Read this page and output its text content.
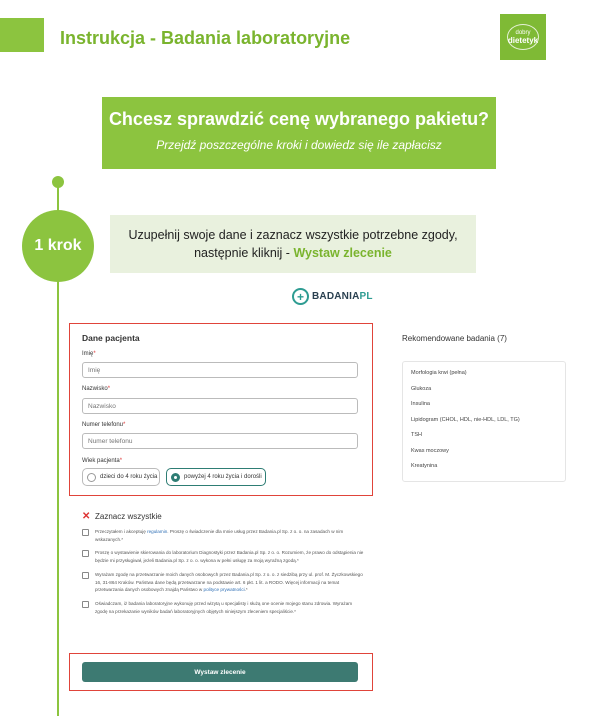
Instrukcja - Badania laboratoryjne	dobry
dietetyk
Chcesz sprawdzić cenę wybranego pakietu?

Przejdź poszczególne kroki i dowiedz się ile zapłacisz

1 krok
Uzupełnij swoje dane i zaznacz wszystkie potrzebne zgody,
następnie kliknij - Wystaw zlecenie
+ BADANIAPL
Dane pacjenta
Imię*
Imię
Nazwisko*
Nazwisko
Numer telefonu*
Numer telefonu
Wiek pacjenta*
dzieci do 4 roku życia	powyżej 4 roku życia i dorośli
✕ Zaznacz wszystkie
Przeczytałem i akceptuję regulamin. Proszę o świadczenie dla mnie usług przez Badania.pl Sp. z o. o. na zasadach w nim wskazanych.*
Proszę o wystawienie skierowania do laboratorium Diagnostyki przez Badania.pl Sp. z o. o. Rozumiem, że prawo do odstąpienia nie będzie mi przysługiwał, jeżeli Badania.pl Sp. z o. o. wykona w pełni usługę za moją wyraźną zgodą.*
Wyrażam zgodę na przetwarzanie moich danych osobowych przez Badania.pl Sp. z o. o. z siedzibą przy ul. prof. M. Życzkowskiego 16, 31-864 Kraków. Państwa dane będą przetwarzane na podstawie art. 6 pkt. 1 lit. a RODO. Więcej informacji na temat przetwarzania danych osobowych znajdą Państwo w polityce prywatności.*
Oświadczam, iż badania laboratoryjne wykonuję przed wizytą u specjalisty i służą one ocenie mojego stanu zdrowia. Wyrażam zgodę na przekazanie wyników badań laboratoryjnych objętych niniejszym zleceniem specjaliście.*
Wystaw zlecenie
Rekomendowane badania (7)
Morfologia krwi (pełna)
Glukoza
Insulina
Lipidogram (CHOL, HDL, nie-HDL, LDL, TG)
TSH
Kwas moczowy
Kreatynina
